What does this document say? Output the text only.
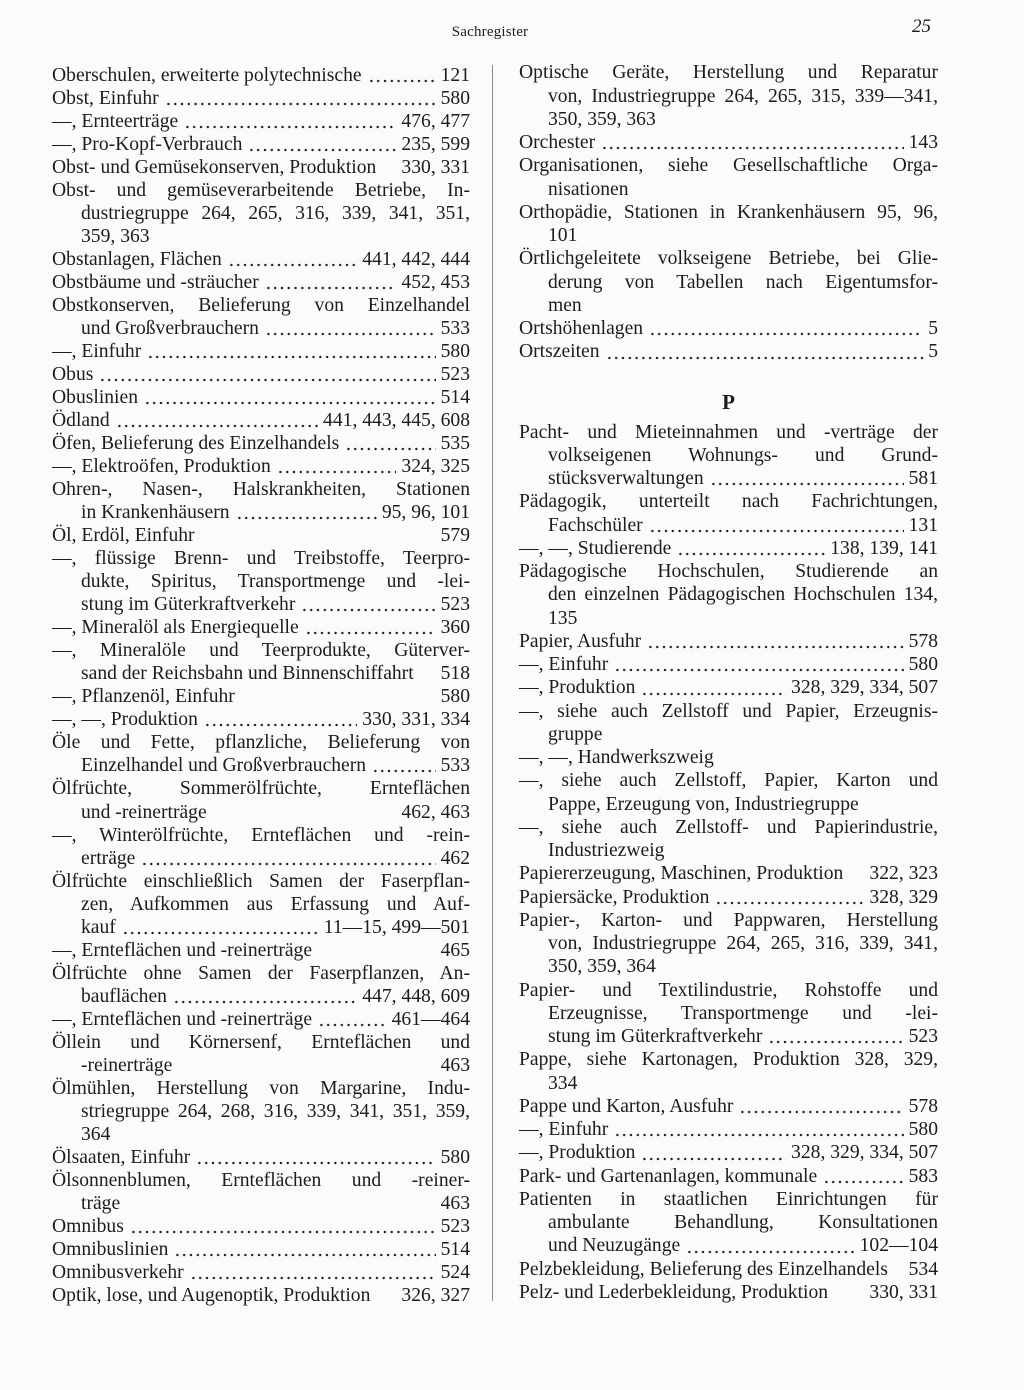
Sachregister	25
Oberschulen, erweiterte polytechnische	121
Obst, Einfuhr	580
—, Ernteerträge	476, 477
—, Pro-Kopf-Verbrauch	235, 599
Obst- und Gemüsekonserven, Produktion 330, 331
Obst- und gemüseverarbeitende Betriebe, In-
dustriegruppe 264, 265, 316, 339, 341, 351,
359, 363
Obstanlagen, Flächen	441, 442, 444
Obstbäume und -sträucher	452, 453
Obstkonserven, Belieferung von Einzelhandel
und Großverbrauchern	533
—, Einfuhr	580
Obus	523
Obuslinien	514
Ödland	441, 443, 445, 608
Öfen, Belieferung des Einzelhandels	535
—, Elektroöfen, Produktion	324, 325
Ohren-, Nasen-, Halskrankheiten, Stationen
in Krankenhäusern	95, 96, 101
Öl, Erdöl, Einfuhr	579
—, flüssige Brenn- und Treibstoffe, Teerpro-
dukte, Spiritus, Transportmenge und -lei-
stung im Güterkraftverkehr	523
—, Mineralöl als Energiequelle	360
—, Mineralöle und Teerprodukte, Güterver-
sand der Reichsbahn und Binnenschiffahrt 518
—, Pflanzenöl, Einfuhr	580
—, —, Produktion	330, 331, 334
Öle und Fette, pflanzliche, Belieferung von
Einzelhandel und Großverbrauchern	533
Ölfrüchte, Sommerölfrüchte, Ernteflächen
und -reinerträge	462, 463
—, Winterölfrüchte, Ernteflächen und -rein-
erträge	462
Ölfrüchte einschließlich Samen der Faserpflan-
zen, Aufkommen aus Erfassung und Auf-
kauf	11—15, 499—501
—, Ernteflächen und -reinerträge	465
Ölfrüchte ohne Samen der Faserpflanzen, An-
bauflächen	447, 448, 609
—, Ernteflächen und -reinerträge	461—464
Öllein und Körnersenf, Ernteflächen und
-reinerträge	463
Ölmühlen, Herstellung von Margarine, Indu-
striegruppe 264, 268, 316, 339, 341, 351, 359,
364
Ölsaaten, Einfuhr	580
Ölsonnenblumen, Ernteflächen und -reiner-
träge	463
Omnibus	523
Omnibuslinien	514
Omnibusverkehr	524
Optik, lose, und Augenoptik, Produktion 326, 327
Optische Geräte, Herstellung und Reparatur
von, Industriegruppe 264, 265, 315, 339—341,
350, 359, 363
Orchester	143
Organisationen, siehe Gesellschaftliche Orga-
nisationen
Orthopädie, Stationen in Krankenhäusern 95, 96,
101
Örtlichgeleitete volkseigene Betriebe, bei Glie-
derung von Tabellen nach Eigentumsfor-
men
Ortshöhenlagen	5
Ortszeiten	5
P
Pacht- und Mieteinnahmen und -verträge der
volkseigenen Wohnungs- und Grund-
stücksverwaltungen	581
Pädagogik, unterteilt nach Fachrichtungen,
Fachschüler	131
—, —, Studierende	138, 139, 141
Pädagogische Hochschulen, Studierende an
den einzelnen Pädagogischen Hochschulen 134,
135
Papier, Ausfuhr	578
—, Einfuhr	580
—, Produktion	328, 329, 334, 507
—, siehe auch Zellstoff und Papier, Erzeugnis-
gruppe
—, —, Handwerkszweig
—, siehe auch Zellstoff, Papier, Karton und
Pappe, Erzeugung von, Industriegruppe
—, siehe auch Zellstoff- und Papierindustrie,
Industriezweig
Papiererzeugung, Maschinen, Produktion 322, 323
Papiersäcke, Produktion	328, 329
Papier-, Karton- und Pappwaren, Herstellung
von, Industriegruppe 264, 265, 316, 339, 341,
350, 359, 364
Papier- und Textilindustrie, Rohstoffe und
Erzeugnisse, Transportmenge und -lei-
stung im Güterkraftverkehr	523
Pappe, siehe Kartonagen, Produktion 328, 329,
334
Pappe und Karton, Ausfuhr	578
—, Einfuhr	580
—, Produktion	328, 329, 334, 507
Park- und Gartenanlagen, kommunale	583
Patienten in staatlichen Einrichtungen für
ambulante Behandlung, Konsultationen
und Neuzugänge	102—104
Pelzbekleidung, Belieferung des Einzelhandels 534
Pelz- und Lederbekleidung, Produktion 330, 331
